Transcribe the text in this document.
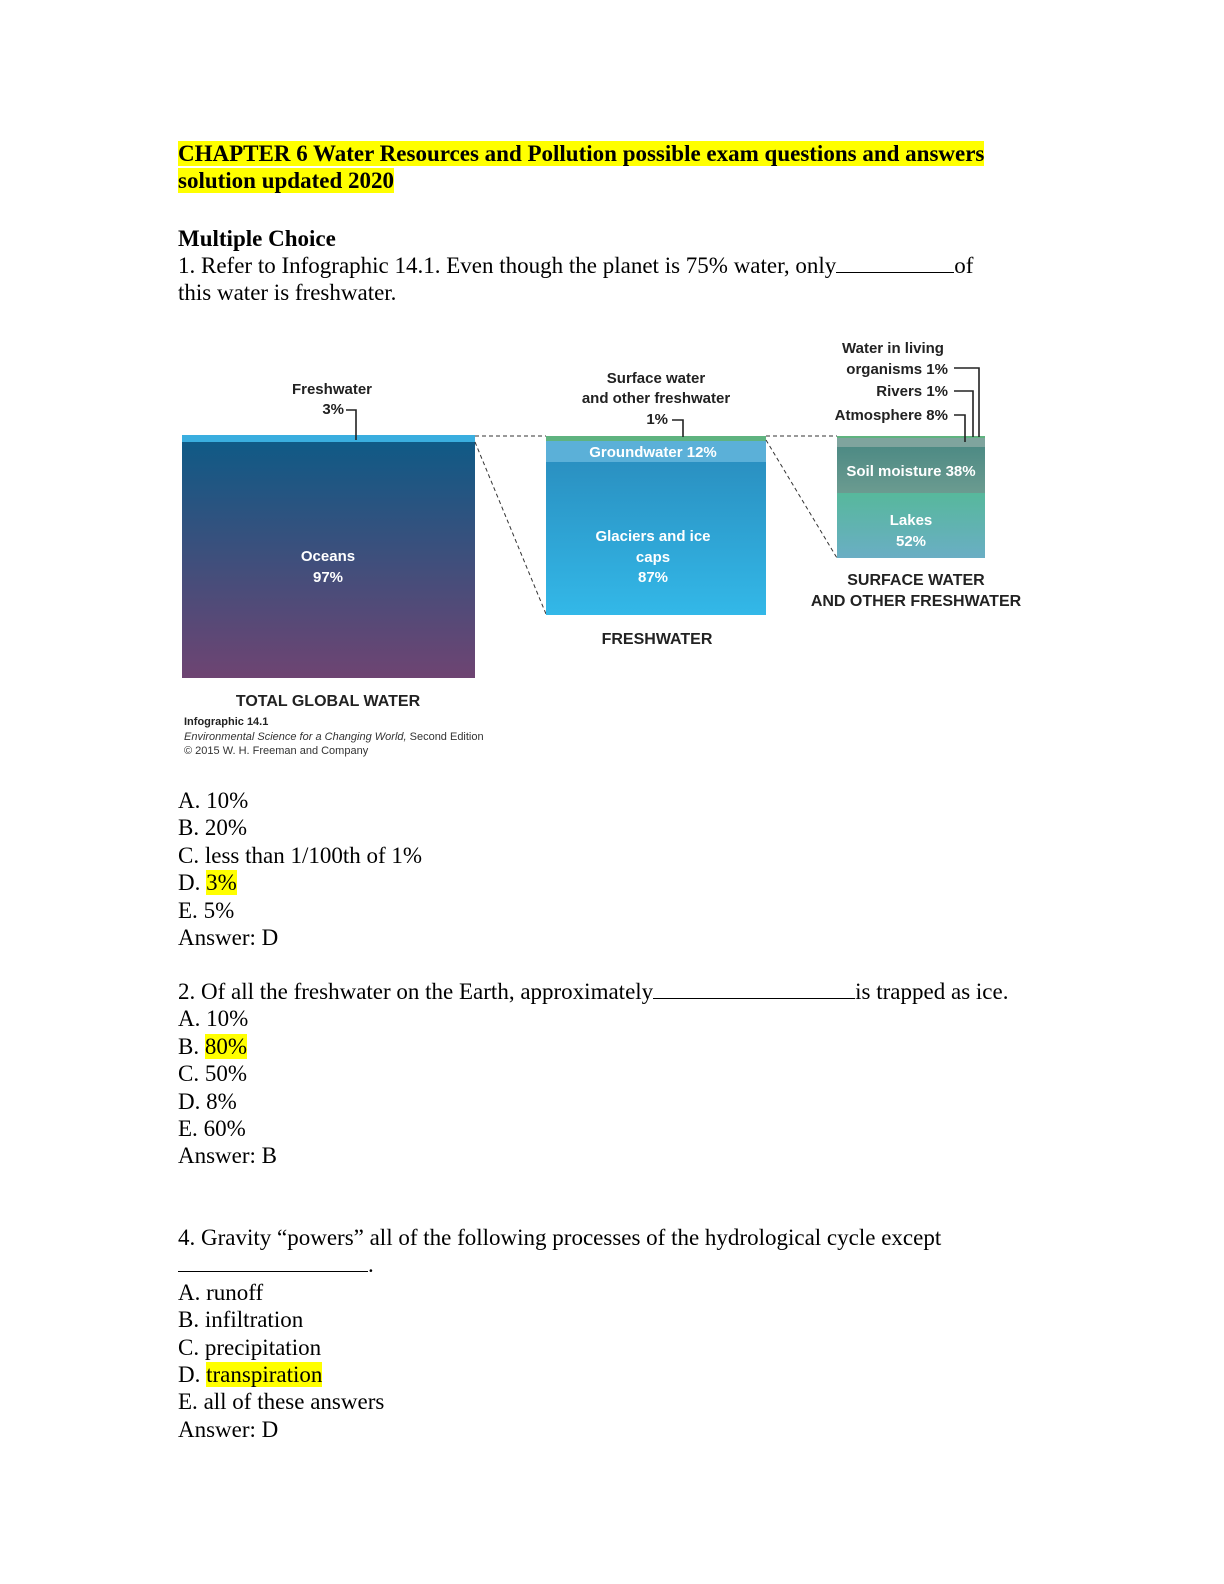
CHAPTER 6 Water Resources and Pollution possible exam questions and answers

solution updated 2020

Multiple Choice

1. Refer to Infographic 14.1. Even though the planet is 75% water, only	of

this water is freshwater.

Freshwater
3%
Oceans
97%
TOTAL GLOBAL WATER
Surface water
and other freshwater
1%
Groundwater 12%
Glaciers and ice
caps
87%
FRESHWATER
Water in living
organisms 1%
Rivers 1%
Atmosphere 8%
Soil moisture 38%
Lakes
52%
SURFACE WATER
AND OTHER FRESHWATER
Infographic 14.1
Environmental Science for a Changing World, Second Edition
© 2015 W. H. Freeman and Company

A. 10%

B. 20%

C. less than 1/100th of 1%

D. 3%

E. 5%

Answer: D

2. Of all the freshwater on the Earth, approximately	is trapped as ice.

A. 10%

B. 80%

C. 50%

D. 8%

E. 60%

Answer: B

4. Gravity “powers” all of the following processes of the hydrological cycle except

.

A. runoff

B. infiltration

C. precipitation

D. transpiration

E. all of these answers

Answer: D
